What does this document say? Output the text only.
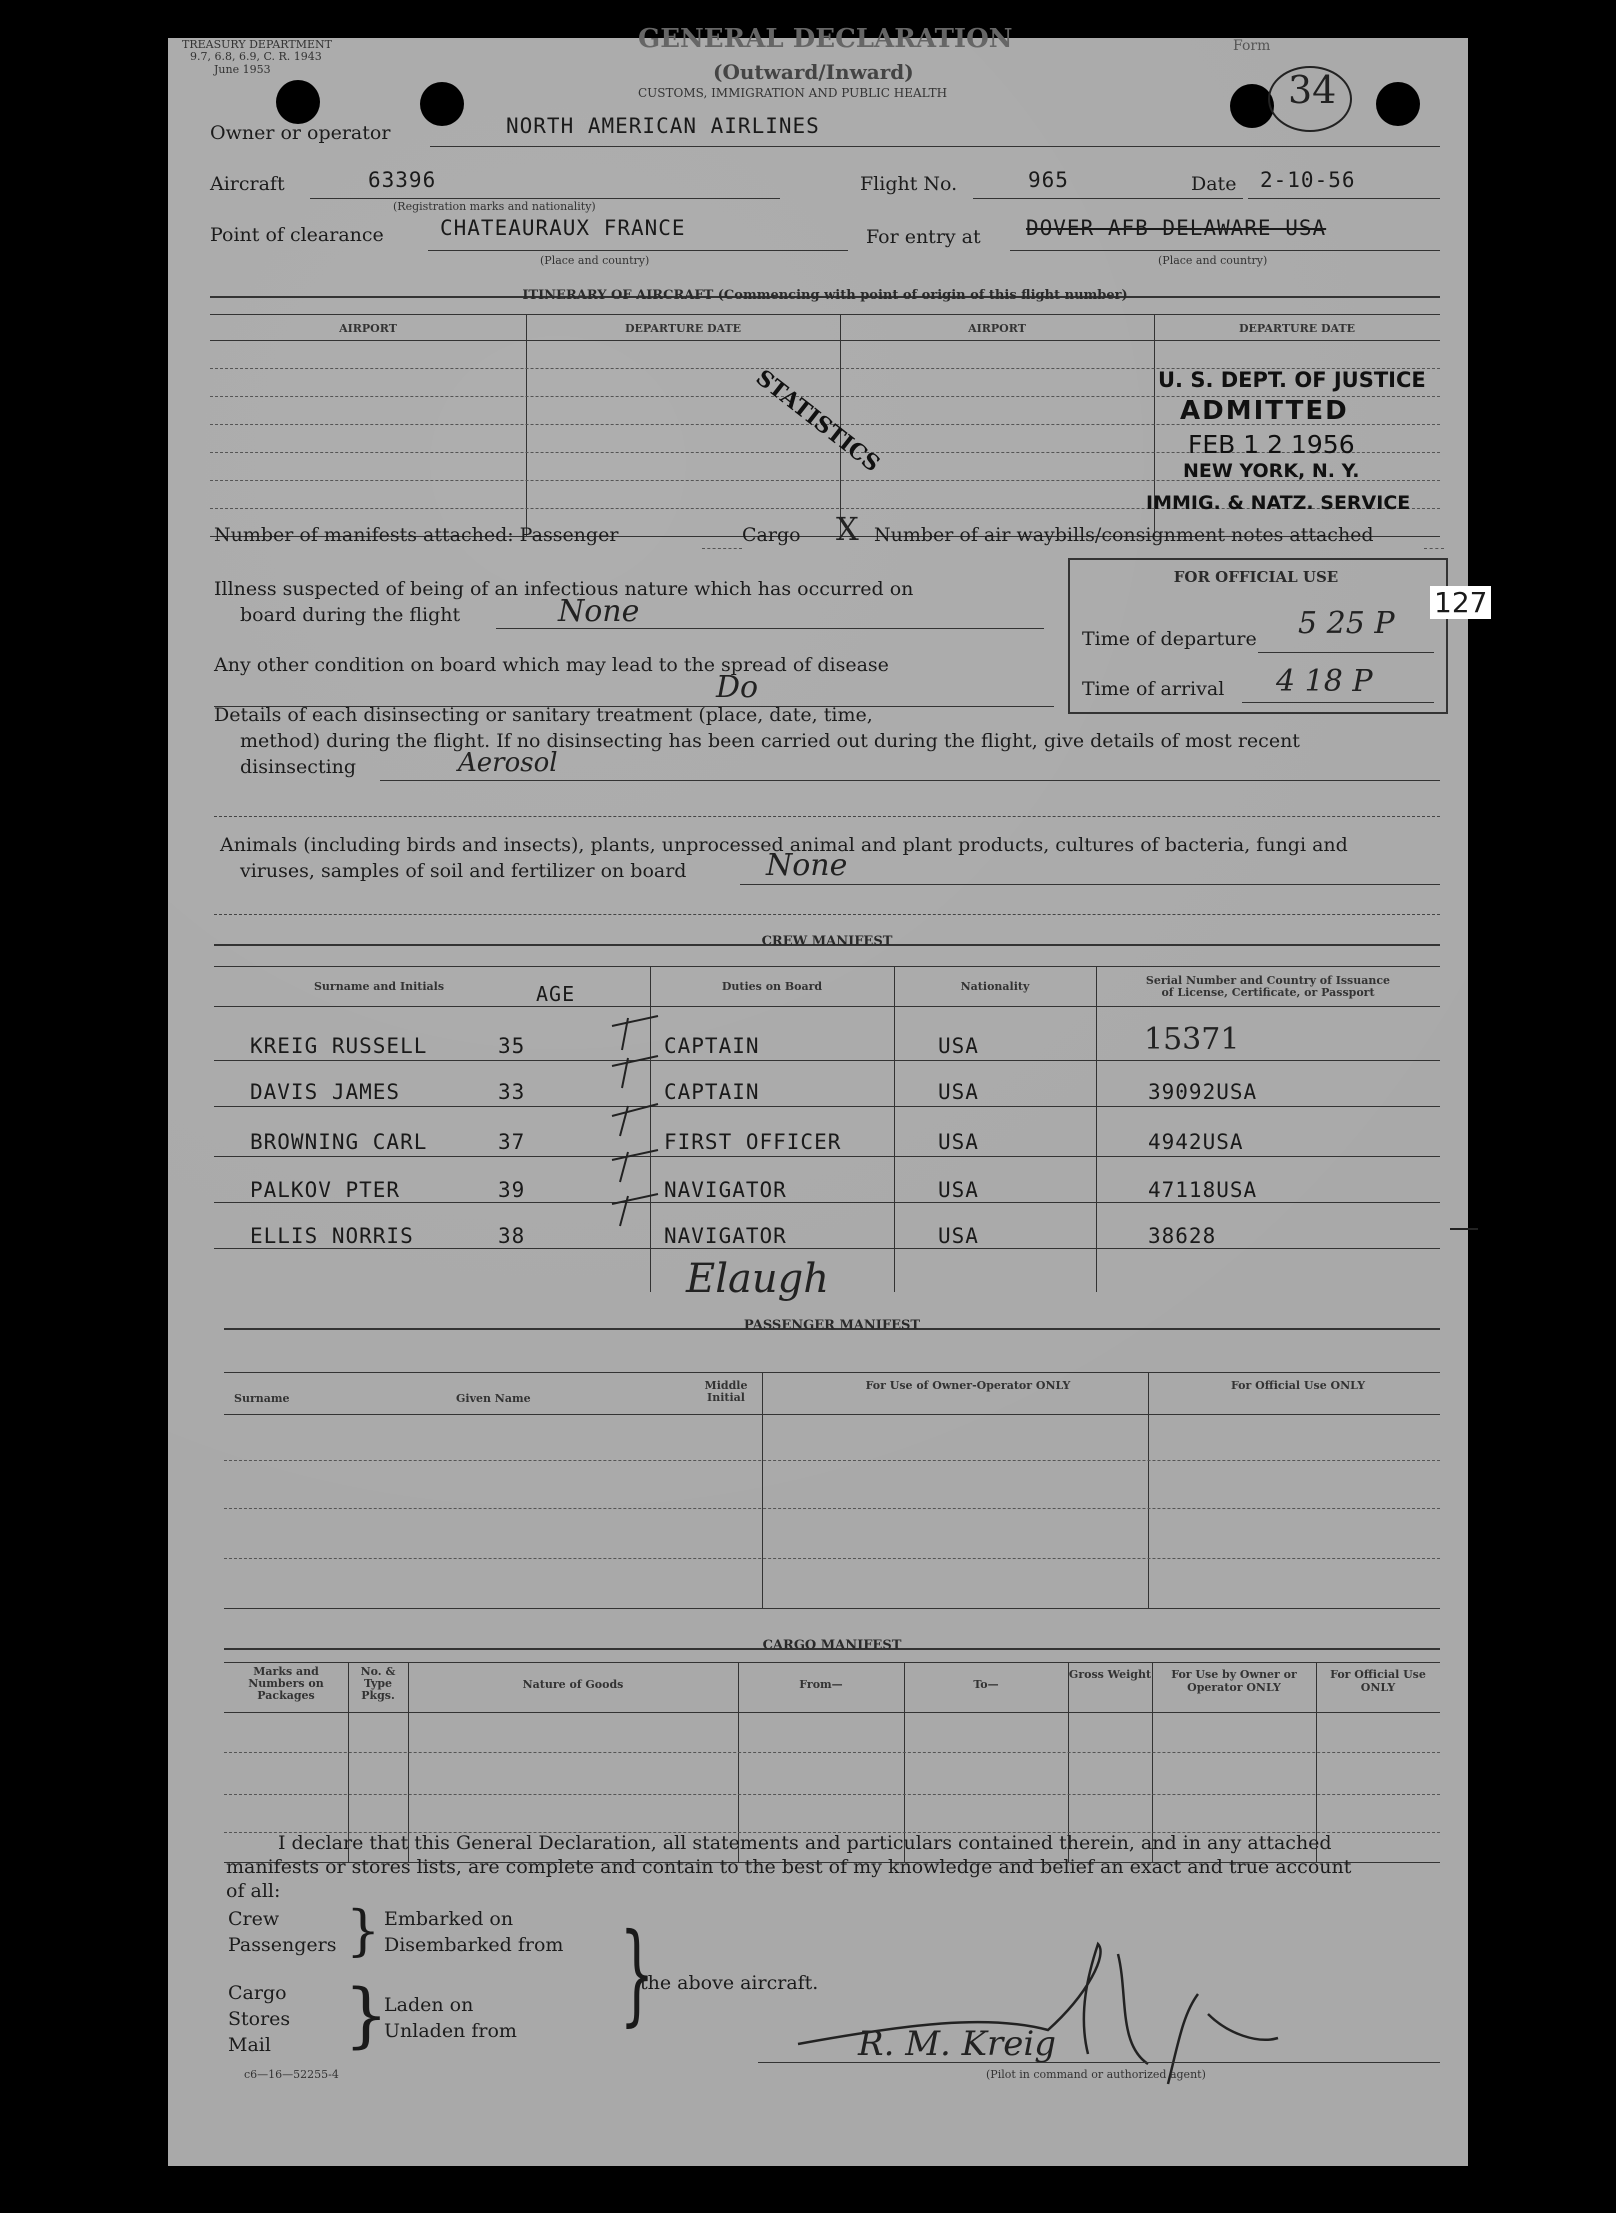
TREASURY DEPARTMENT
9.7, 6.8, 6.9, C. R. 1943
June 1953
GENERAL DECLARATION
(Outward/Inward)
CUSTOMS, IMMIGRATION AND PUBLIC HEALTH
Form
34
Owner or operator	NORTH AMERICAN AIRLINES
Aircraft	63396
(Registration marks and nationality)
Flight No.	965	Date 2-10-56
Point of clearance	CHATEAURAUX FRANCE
(Place and country)
For entry at DOVER AFB DELAWARE USA
(Place and country)
ITINERARY OF AIRCRAFT (Commencing with point of origin of this flight number)
AIRPORT	DEPARTURE DATE	AIRPORT	DEPARTURE DATE
STATISTICS	U. S. DEPT. OF JUSTICE
ADMITTED
FEB 1 2 1956
NEW YORK, N. Y.
IMMIG. & NATZ. SERVICE
Number of manifests attached: Passenger	Cargo X Number of air waybills/consignment notes attached
FOR OFFICIAL USE
Time of departure 5 25 P
Time of arrival 4 18 P
127
Illness suspected of being of an infectious nature which has occurred on
board during the flight	None
Any other condition on board which may lead to the spread of disease
Do
Details of each disinsecting or sanitary treatment (place, date, time,
method) during the flight. If no disinsecting has been carried out during the flight, give details of most recent
disinsecting	Aerosol
Animals (including birds and insects), plants, unprocessed animal and plant products, cultures of bacteria, fungi and
viruses, samples of soil and fertilizer on board	None
CREW MANIFEST
Surname and Initials	AGE	Duties on Board	Nationality	Serial Number and Country of Issuance
of License, Certificate, or Passport
KREIG RUSSELL	35	CAPTAIN	USA	15371
DAVIS JAMES	33	CAPTAIN	USA	39092USA
BROWNING CARL	37	FIRST OFFICER	USA	4942USA
PALKOV PTER	39	NAVIGATOR	USA	47118USA
ELLIS NORRIS	38	NAVIGATOR	USA	38628
Elaugh
PASSENGER MANIFEST
Surname	Given Name
Middle Initial
For Use of Owner-Operator ONLY	For Official Use ONLY
CARGO MANIFEST
Marks and Numbers on Packages
No. & Type Pkgs.
Nature of Goods	From—	To—
Gross Weight	For Use by Owner or Operator ONLY
For Official Use ONLY
I declare that this General Declaration, all statements and particulars contained therein, and in any attached
manifests or stores lists, are complete and contain to the best of my knowledge and belief an exact and true account
of all:
Crew
Passengers } Embarked on
Disembarked from
Cargo
Stores
Mail }
Laden on
Unladen from }
the above aircraft.
R. M. Kreig
(Pilot in command or authorized agent)
c6—16—52255-4
